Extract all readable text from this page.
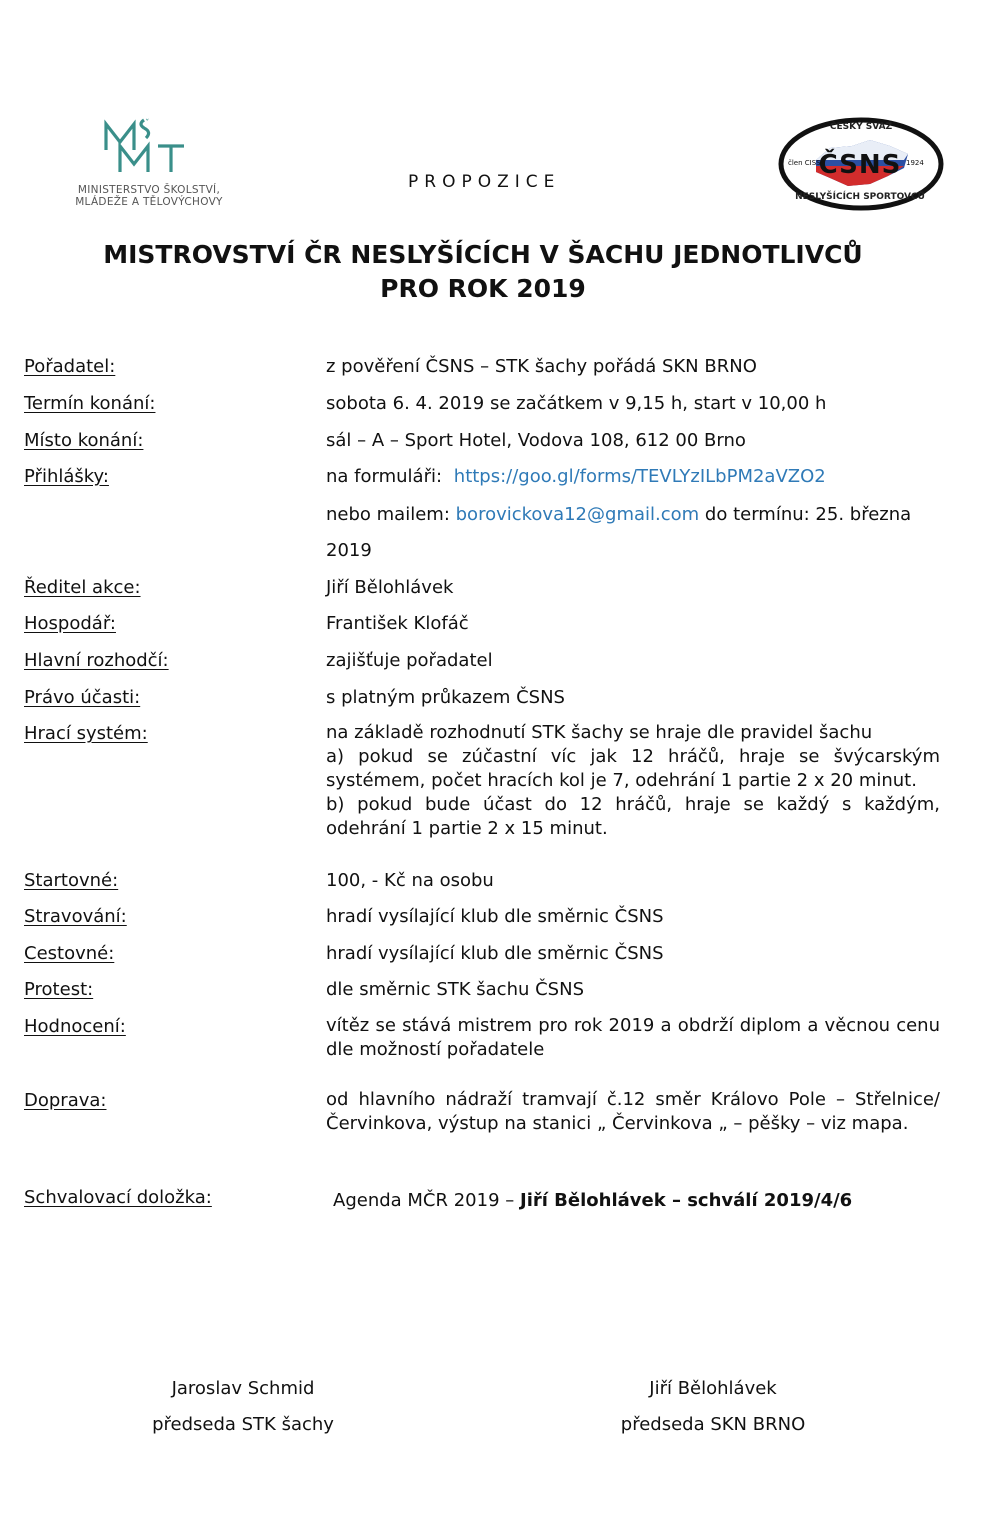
ˇ
MINISTERSTVO ŠKOLSTVÍ,
MLÁDEŽE A TĚLOVÝCHOVY
ČESKÝ SVAZ
NESLYŠÍCÍCH SPORTOVCŮ
ČSNS
člen CISS	1924
PROPOZICE
MISTROVSTVÍ ČR NESLYŠÍCÍCH V ŠACHU JEDNOTLIVCŮ
PRO ROK 2019
Pořadatel:	z pověření ČSNS – STK šachy pořádá SKN BRNO
Termín konání:	sobota 6. 4. 2019 se začátkem v 9,15 h, start v 10,00 h
Místo konání:	sál – A – Sport Hotel, Vodova 108, 612 00 Brno
Přihlášky:	na formuláři: https://goo.gl/forms/TEVLYzILbPM2aVZO2
nebo mailem: borovickova12@gmail.com do termínu: 25. března
2019
Ředitel akce:	Jiří Bělohlávek
Hospodář:	František Klofáč
Hlavní rozhodčí:	zajišťuje pořadatel
Právo účasti:	s platným průkazem ČSNS
Hrací systém:	na základě rozhodnutí STK šachy se hraje dle pravidel šachu
a) pokud se zúčastní víc jak 12 hráčů, hraje se švýcarským systémem, počet hracích kol je 7, odehrání 1 partie 2 x 20 minut.
b) pokud bude účast do 12 hráčů, hraje se každý s každým, odehrání 1 partie 2 x 15 minut.
Startovné:	100, - Kč na osobu
Stravování:	hradí vysílající klub dle směrnic ČSNS
Cestovné:	hradí vysílající klub dle směrnic ČSNS
Protest:	dle směrnic STK šachu ČSNS
Hodnocení:	vítěz se stává mistrem pro rok 2019 a obdrží diplom a věcnou cenu dle možností pořadatele
Doprava:	od hlavního nádraží tramvají č.12 směr Královo Pole – Střelnice/Červinkova, výstup na stanici „ Červinkova „ – pěšky – viz mapa.
Schvalovací doložka:	Agenda MČR 2019 – Jiří Bělohlávek – schválí 2019/4/6
Jaroslav Schmid
předseda STK šachy
Jiří Bělohlávek
předseda SKN BRNO
